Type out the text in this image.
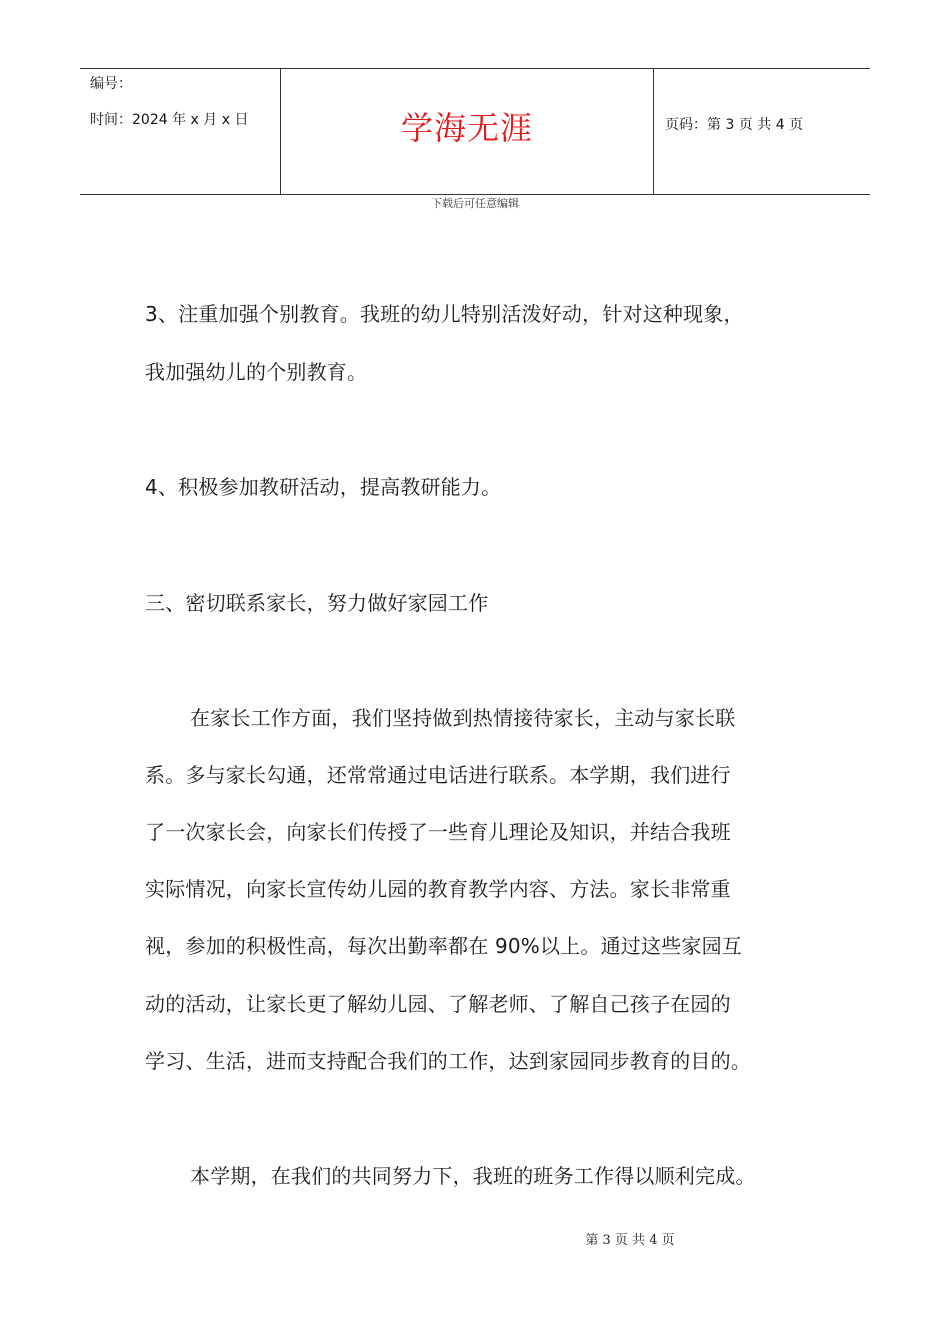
编号：
时间：2024 年 x 月 x 日	学海无涯	页码：第 3 页 共 4 页
下载后可任意编辑
3、注重加强个别教育。我班的幼儿特别活泼好动，针对这种现象，
我加强幼儿的个别教育。
4、积极参加教研活动，提高教研能力。
三、密切联系家长，努力做好家园工作
在家长工作方面，我们坚持做到热情接待家长，主动与家长联
系。多与家长勾通，还常常通过电话进行联系。本学期，我们进行
了一次家长会，向家长们传授了一些育儿理论及知识，并结合我班
实际情况，向家长宣传幼儿园的教育教学内容、方法。家长非常重
视，参加的积极性高，每次出勤率都在 90%以上。通过这些家园互
动的活动，让家长更了解幼儿园、了解老师、了解自己孩子在园的
学习、生活，进而支持配合我们的工作，达到家园同步教育的目的。
本学期，在我们的共同努力下，我班的班务工作得以顺利完成。
第 3 页 共 4 页
